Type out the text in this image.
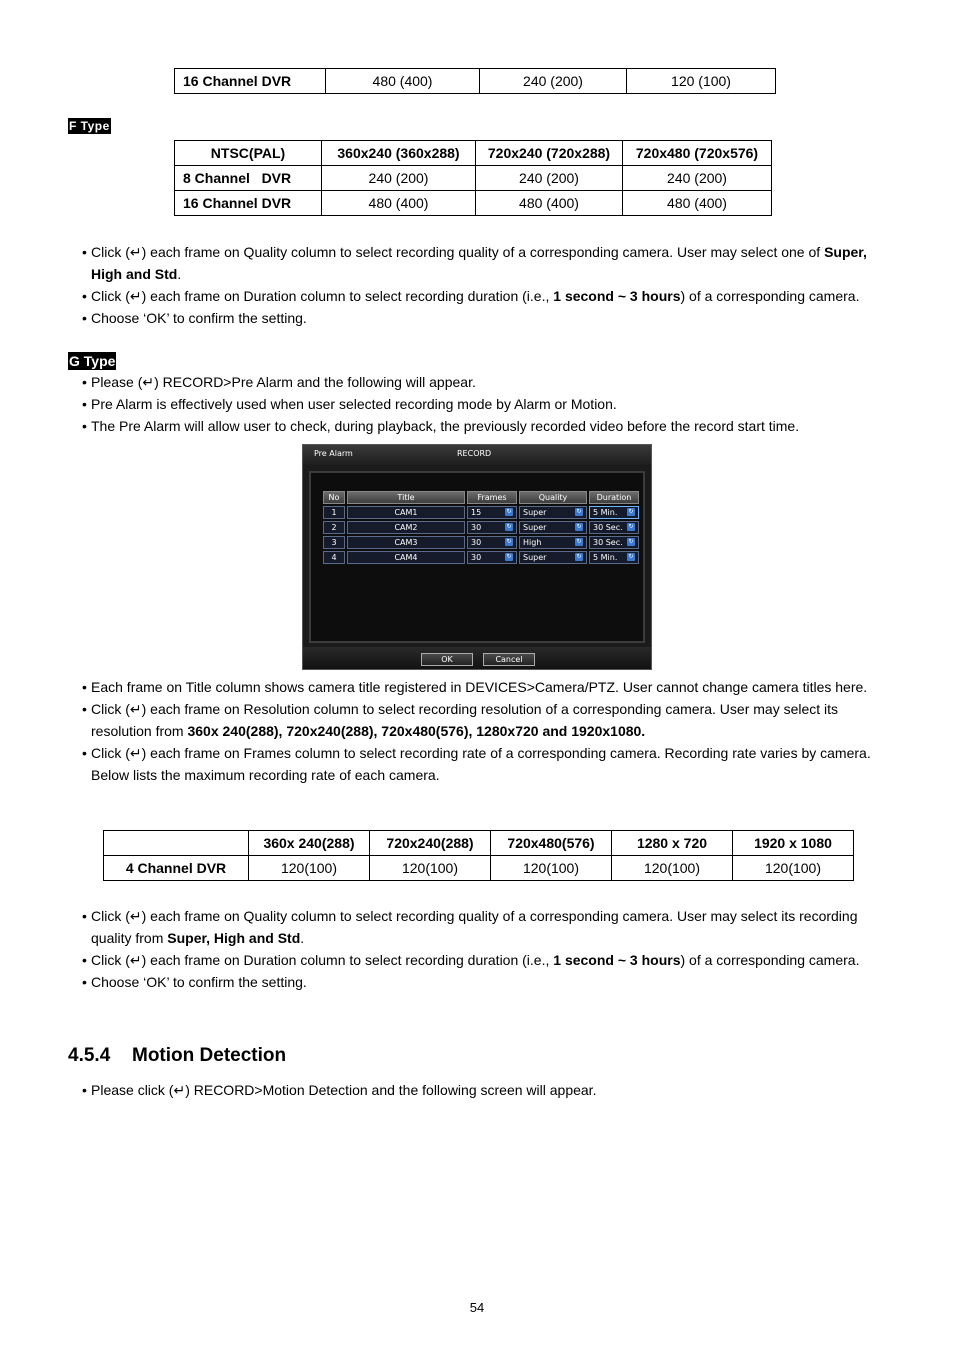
16 Channel DVR	480 (400)	240 (200)	120 (100)
F Type
NTSC(PAL)	360x240 (360x288)	720x240 (720x288)	720x480 (720x576)
8 Channel   DVR	240 (200)	240 (200)	240 (200)
16 Channel DVR	480 (400)	480 (400)	480 (400)
• Click (↵) each frame on Quality column to select recording quality of a corresponding camera. User may select one of Super, High and Std.
• Click (↵) each frame on Duration column to select recording duration (i.e., 1 second ~ 3 hours) of a corresponding camera.
• Choose ‘OK’ to confirm the setting.
G Type
• Please (↵) RECORD>Pre Alarm and the following will appear.
• Pre Alarm is effectively used when user selected recording mode by Alarm or Motion.
• The Pre Alarm will allow user to check, during playback, the previously recorded video before the record start time.
Pre Alarm	RECORD
No	Title	Frames	Quality	Duration
1	CAM1	15 ↻	Super ↻	5 Min. ↻

2	CAM2	30 ↻	Super ↻	30 Sec. ↻

3	CAM3	30 ↻	High ↻	30 Sec. ↻

4	CAM4	30 ↻	Super ↻	5 Min. ↻
OK	Cancel
• Each frame on Title column shows camera title registered in DEVICES>Camera/PTZ. User cannot change camera titles here.
• Click (↵) each frame on Resolution column to select recording resolution of a corresponding camera. User may select its resolution from 360x 240(288), 720x240(288), 720x480(576), 1280x720 and 1920x1080.
• Click (↵) each frame on Frames column to select recording rate of a corresponding camera. Recording rate varies by camera. Below lists the maximum recording rate of each camera.
	360x 240(288)	720x240(288)	720x480(576)	1280 x 720	1920 x 1080
4 Channel DVR	120(100)	120(100)	120(100)	120(100)	120(100)
• Click (↵) each frame on Quality column to select recording quality of a corresponding camera. User may select its recording quality from Super, High and Std.
• Click (↵) each frame on Duration column to select recording duration (i.e., 1 second ~ 3 hours) of a corresponding camera.
• Choose ‘OK’ to confirm the setting.
4.5.4 Motion Detection
• Please click (↵) RECORD>Motion Detection and the following screen will appear.
54
